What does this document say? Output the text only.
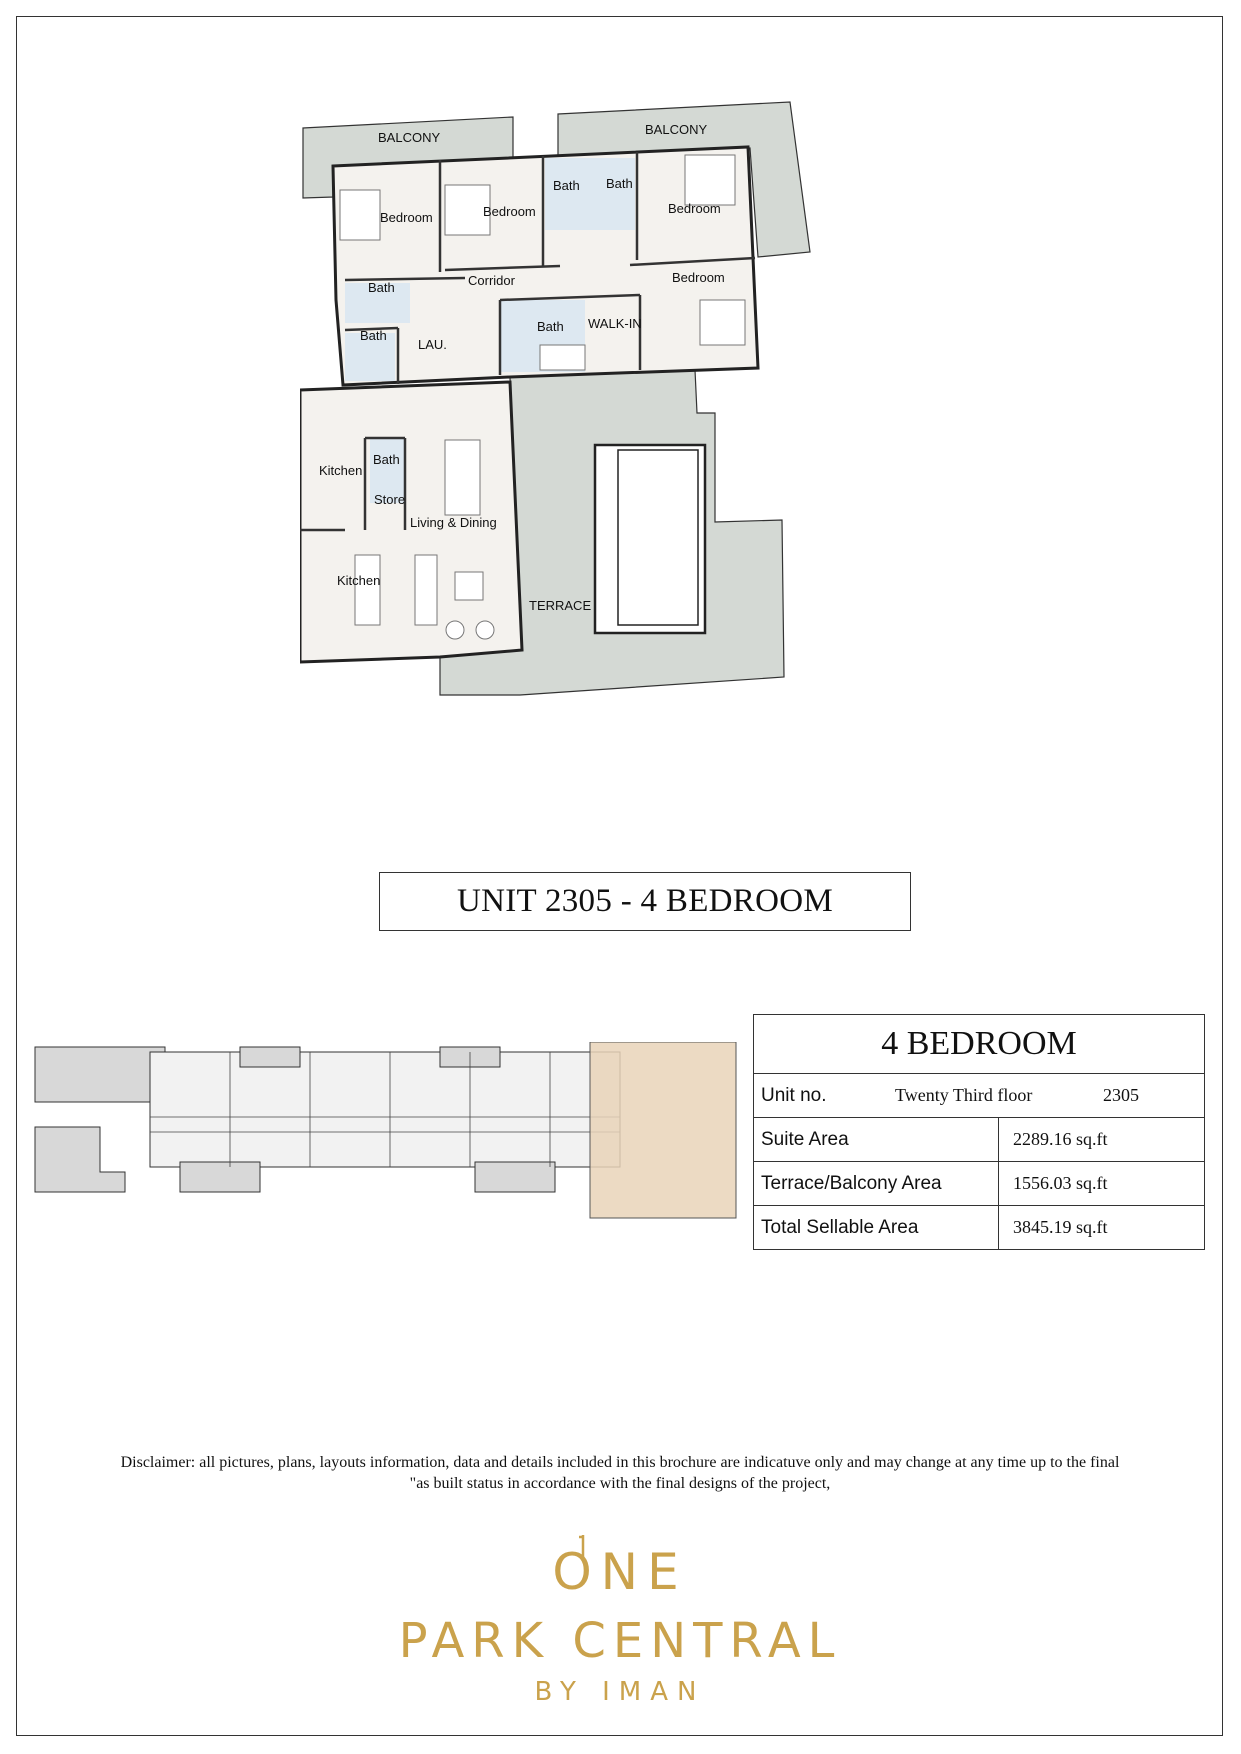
BALCONY
BALCONY
Bedroom	Bedroom	Bedroom
Bedroom
Bath Bath
Bath
Bath
Bath
Bath
Corridor
LAU.
WALK-IN
Kitchen
Store
Living & Dining
Kitchen
TERRACE
UNIT 2305 - 4 BEDROOM
4 BEDROOM	

Unit no. Twenty Third floor 2305	

Suite Area	2289.16 sq.ft
Terrace/Balcony Area	1556.03 sq.ft
Total Sellable Area	3845.19 sq.ft
Disclaimer: all pictures, plans, layouts information, data and details included in this brochure are indicatuve only and may change at any time up to the final
"as built status in accordance with the final designs of the project,
ONE
PARK CENTRAL
BY IMAN
